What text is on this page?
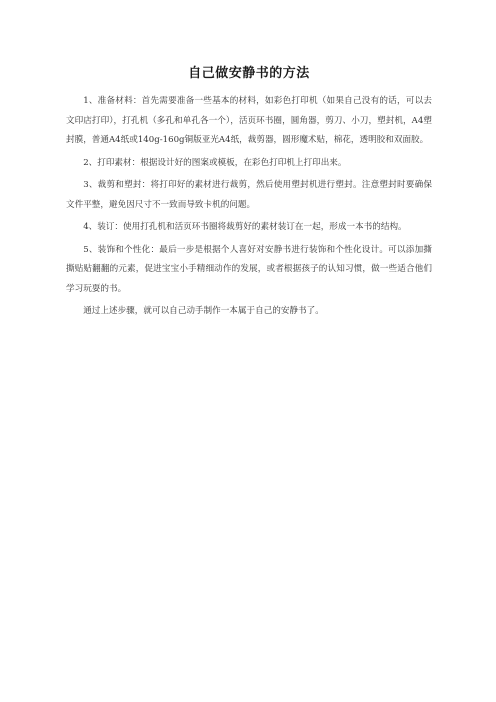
自己做安静书的方法

1、准备材料：首先需要准备一些基本的材料，如彩色打印机（如果自己没有的话，可以去文印店打印），打孔机（多孔和单孔各一个），活页环书圈，圆角器，剪刀、小刀，塑封机，A4塑封膜，普通A4纸或140g-160g铜版亚光A4纸，裁剪器，圆形魔术贴，棉花，透明胶和双面胶。

2、打印素材：根据设计好的图案或模板，在彩色打印机上打印出来。

3、裁剪和塑封：将打印好的素材进行裁剪，然后使用塑封机进行塑封。注意塑封时要确保文件平整，避免因尺寸不一致而导致卡机的问题。

4、装订：使用打孔机和活页环书圈将裁剪好的素材装订在一起，形成一本书的结构。

5、装饰和个性化：最后一步是根据个人喜好对安静书进行装饰和个性化设计。可以添加撕撕贴贴翻翻的元素，促进宝宝小手精细动作的发展，或者根据孩子的认知习惯，做一些适合他们学习玩耍的书。

通过上述步骤，就可以自己动手制作一本属于自己的安静书了。
